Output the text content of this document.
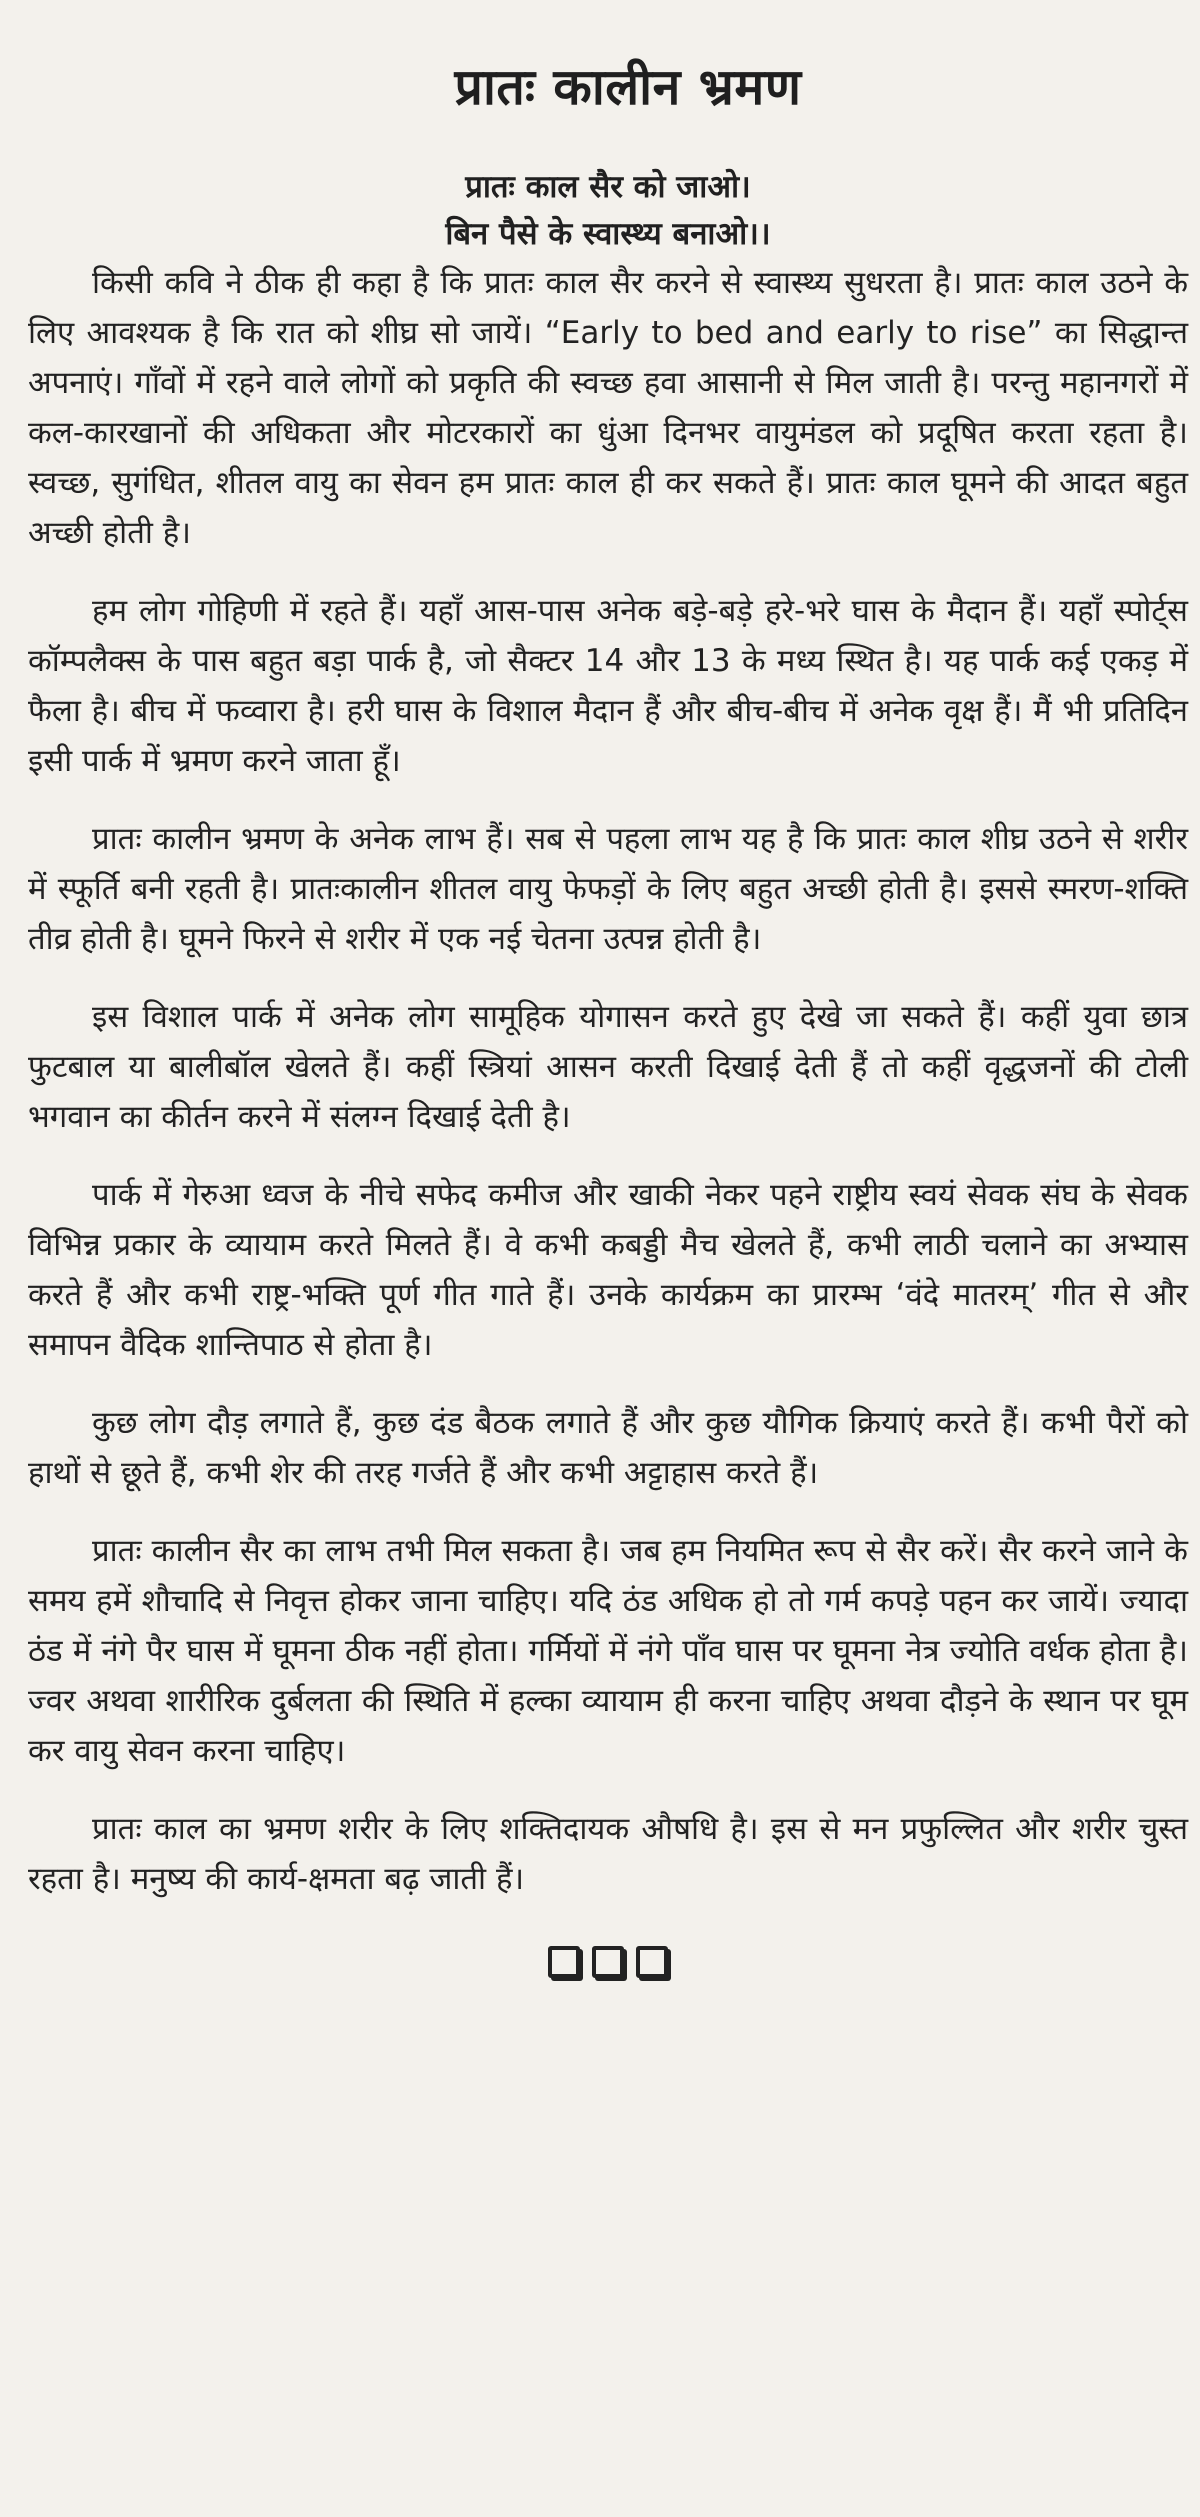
प्रातः कालीन भ्रमण
प्रातः काल सैर को जाओ।
बिन पैसे के स्वास्थ्य बनाओ।।

किसी कवि ने ठीक ही कहा है कि प्रातः काल सैर करने से स्वास्थ्य सुधरता है। प्रातः काल उठने के लिए आवश्यक है कि रात को शीघ्र सो जायें। “Early to bed and early to rise” का सिद्धान्त अपनाएं। गाँवों में रहने वाले लोगों को प्रकृति की स्वच्छ हवा आसानी से मिल जाती है। परन्तु महानगरों में कल-कारखानों की अधिकता और मोटरकारों का धुंआ दिनभर वायुमंडल को प्रदूषित करता रहता है। स्वच्छ, सुगंधित, शीतल वायु का सेवन हम प्रातः काल ही कर सकते हैं। प्रातः काल घूमने की आदत बहुत अच्छी होती है।

हम लोग गोहिणी में रहते हैं। यहाँ आस-पास अनेक बड़े-बड़े हरे-भरे घास के मैदान हैं। यहाँ स्पोर्ट्स कॉम्पलैक्स के पास बहुत बड़ा पार्क है, जो सैक्टर 14 और 13 के मध्य स्थित है। यह पार्क कई एकड़ में फैला है। बीच में फव्वारा है। हरी घास के विशाल मैदान हैं और बीच-बीच में अनेक वृक्ष हैं। मैं भी प्रतिदिन इसी पार्क में भ्रमण करने जाता हूँ।

प्रातः कालीन भ्रमण के अनेक लाभ हैं। सब से पहला लाभ यह है कि प्रातः काल शीघ्र उठने से शरीर में स्फूर्ति बनी रहती है। प्रातःकालीन शीतल वायु फेफड़ों के लिए बहुत अच्छी होती है। इससे स्मरण-शक्ति तीव्र होती है। घूमने फिरने से शरीर में एक नई चेतना उत्पन्न होती है।

इस विशाल पार्क में अनेक लोग सामूहिक योगासन करते हुए देखे जा सकते हैं। कहीं युवा छात्र फुटबाल या बालीबॉल खेलते हैं। कहीं स्त्रियां आसन करती दिखाई देती हैं तो कहीं वृद्धजनों की टोली भगवान का कीर्तन करने में संलग्न दिखाई देती है।

पार्क में गेरुआ ध्वज के नीचे सफेद कमीज और खाकी नेकर पहने राष्ट्रीय स्वयं सेवक संघ के सेवक विभिन्न प्रकार के व्यायाम करते मिलते हैं। वे कभी कबड्डी मैच खेलते हैं, कभी लाठी चलाने का अभ्यास करते हैं और कभी राष्ट्र-भक्ति पूर्ण गीत गाते हैं। उनके कार्यक्रम का प्रारम्भ ‘वंदे मातरम्’ गीत से और समापन वैदिक शान्तिपाठ से होता है।

कुछ लोग दौड़ लगाते हैं, कुछ दंड बैठक लगाते हैं और कुछ यौगिक क्रियाएं करते हैं। कभी पैरों को हाथों से छूते हैं, कभी शेर की तरह गर्जते हैं और कभी अट्टाहास करते हैं।

प्रातः कालीन सैर का लाभ तभी मिल सकता है। जब हम नियमित रूप से सैर करें। सैर करने जाने के समय हमें शौचादि से निवृत्त होकर जाना चाहिए। यदि ठंड अधिक हो तो गर्म कपड़े पहन कर जायें। ज्यादा ठंड में नंगे पैर घास में घूमना ठीक नहीं होता। गर्मियों में नंगे पाँव घास पर घूमना नेत्र ज्योति वर्धक होता है। ज्वर अथवा शारीरिक दुर्बलता की स्थिति में हल्का व्यायाम ही करना चाहिए अथवा दौड़ने के स्थान पर घूम कर वायु सेवन करना चाहिए।

प्रातः काल का भ्रमण शरीर के लिए शक्तिदायक औषधि है। इस से मन प्रफुल्लित और शरीर चुस्त रहता है। मनुष्य की कार्य-क्षमता बढ़ जाती हैं।
